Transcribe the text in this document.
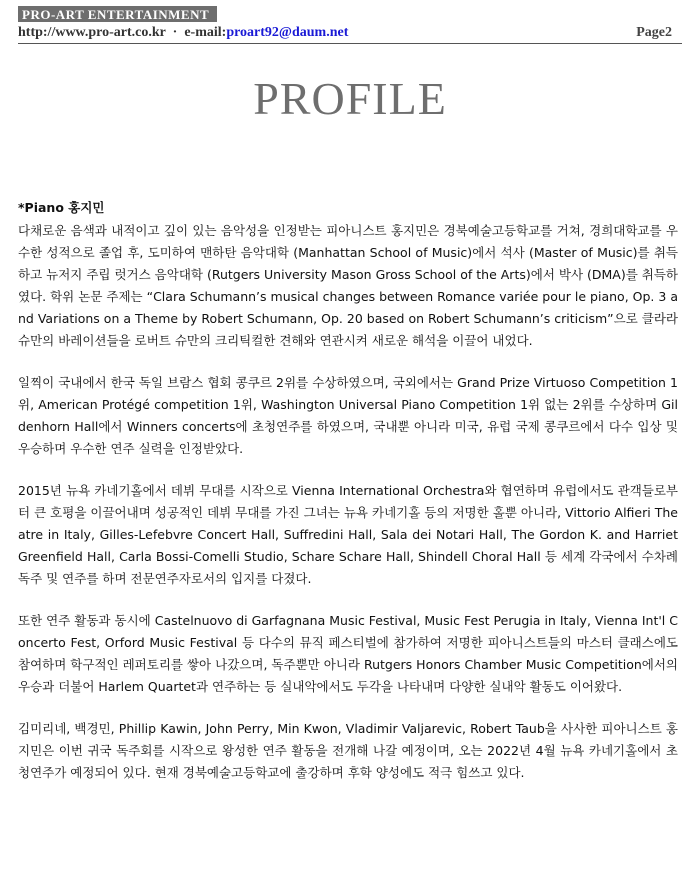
PRO-ART ENTERTAINMENT
http://www.pro-art.co.kr · e-mail:proart92@daum.net	Page2
PROFILE
*Piano 홍지민

다채로운 음색과 내적이고 깊이 있는 음악성을 인정받는 피아니스트 홍지민은 경북예술고등학교를 거쳐, 경희대학교를 우수한 성적으로 졸업 후, 도미하여 맨하탄 음악대학 (Manhattan School of Music)에서 석사 (Master of Music)를 취득하고 뉴저지 주립 럿거스 음악대학 (Rutgers University Mason Gross School of the Arts)에서 박사 (DMA)를 취득하였다. 학위 논문 주제는 “Clara Schumann’s musical changes between Romance variée pour le piano, Op. 3 and Variations on a Theme by Robert Schumann, Op. 20 based on Robert Schumann’s criticism”으로 클라라 슈만의 바레이션들을 로버트 슈만의 크리틱컬한 견해와 연관시켜 새로운 해석을 이끌어 내었다.

일찍이 국내에서 한국 독일 브람스 협회 콩쿠르 2위를 수상하였으며, 국외에서는 Grand Prize Virtuoso Competition 1위, American Protégé competition 1위, Washington Universal Piano Competition 1위 없는 2위를 수상하며 Gildenhorn Hall에서 Winners concerts에 초청연주를 하였으며, 국내뿐 아니라 미국, 유럽 국제 콩쿠르에서 다수 입상 및 우승하며 우수한 연주 실력을 인정받았다.

2015년 뉴욕 카네기홀에서 데뷔 무대를 시작으로 Vienna International Orchestra와 협연하며 유럽에서도 관객들로부터 큰 호평을 이끌어내며 성공적인 데뷔 무대를 가진 그녀는 뉴욕 카네기홀 등의 저명한 홀뿐 아니라, Vittorio Alfieri Theatre in Italy, Gilles-Lefebvre Concert Hall, Suffredini Hall, Sala dei Notari Hall, The Gordon K. and Harriet Greenfield Hall, Carla Bossi-Comelli Studio, Schare Schare Hall, Shindell Choral Hall 등 세계 각국에서 수차례 독주 및 연주를 하며 전문연주자로서의 입지를 다졌다.

또한 연주 활동과 동시에 Castelnuovo di Garfagnana Music Festival, Music Fest Perugia in Italy, Vienna Int'l Concerto Fest, Orford Music Festival 등 다수의 뮤직 페스티벌에 참가하여 저명한 피아니스트들의 마스터 클래스에도 참여하며 학구적인 레퍼토리를 쌓아 나갔으며, 독주뿐만 아니라 Rutgers Honors Chamber Music Competition에서의 우승과 더불어 Harlem Quartet과 연주하는 등 실내악에서도 두각을 나타내며 다양한 실내악 활동도 이어왔다.

김미리네, 백경민, Phillip Kawin, John Perry, Min Kwon, Vladimir Valjarevic, Robert Taub을 사사한 피아니스트 홍지민은 이번 귀국 독주회를 시작으로 왕성한 연주 활동을 전개해 나갈 예정이며, 오는 2022년 4월 뉴욕 카네기홀에서 초청연주가 예정되어 있다. 현재 경북예술고등학교에 출강하며 후학 양성에도 적극 힘쓰고 있다.
